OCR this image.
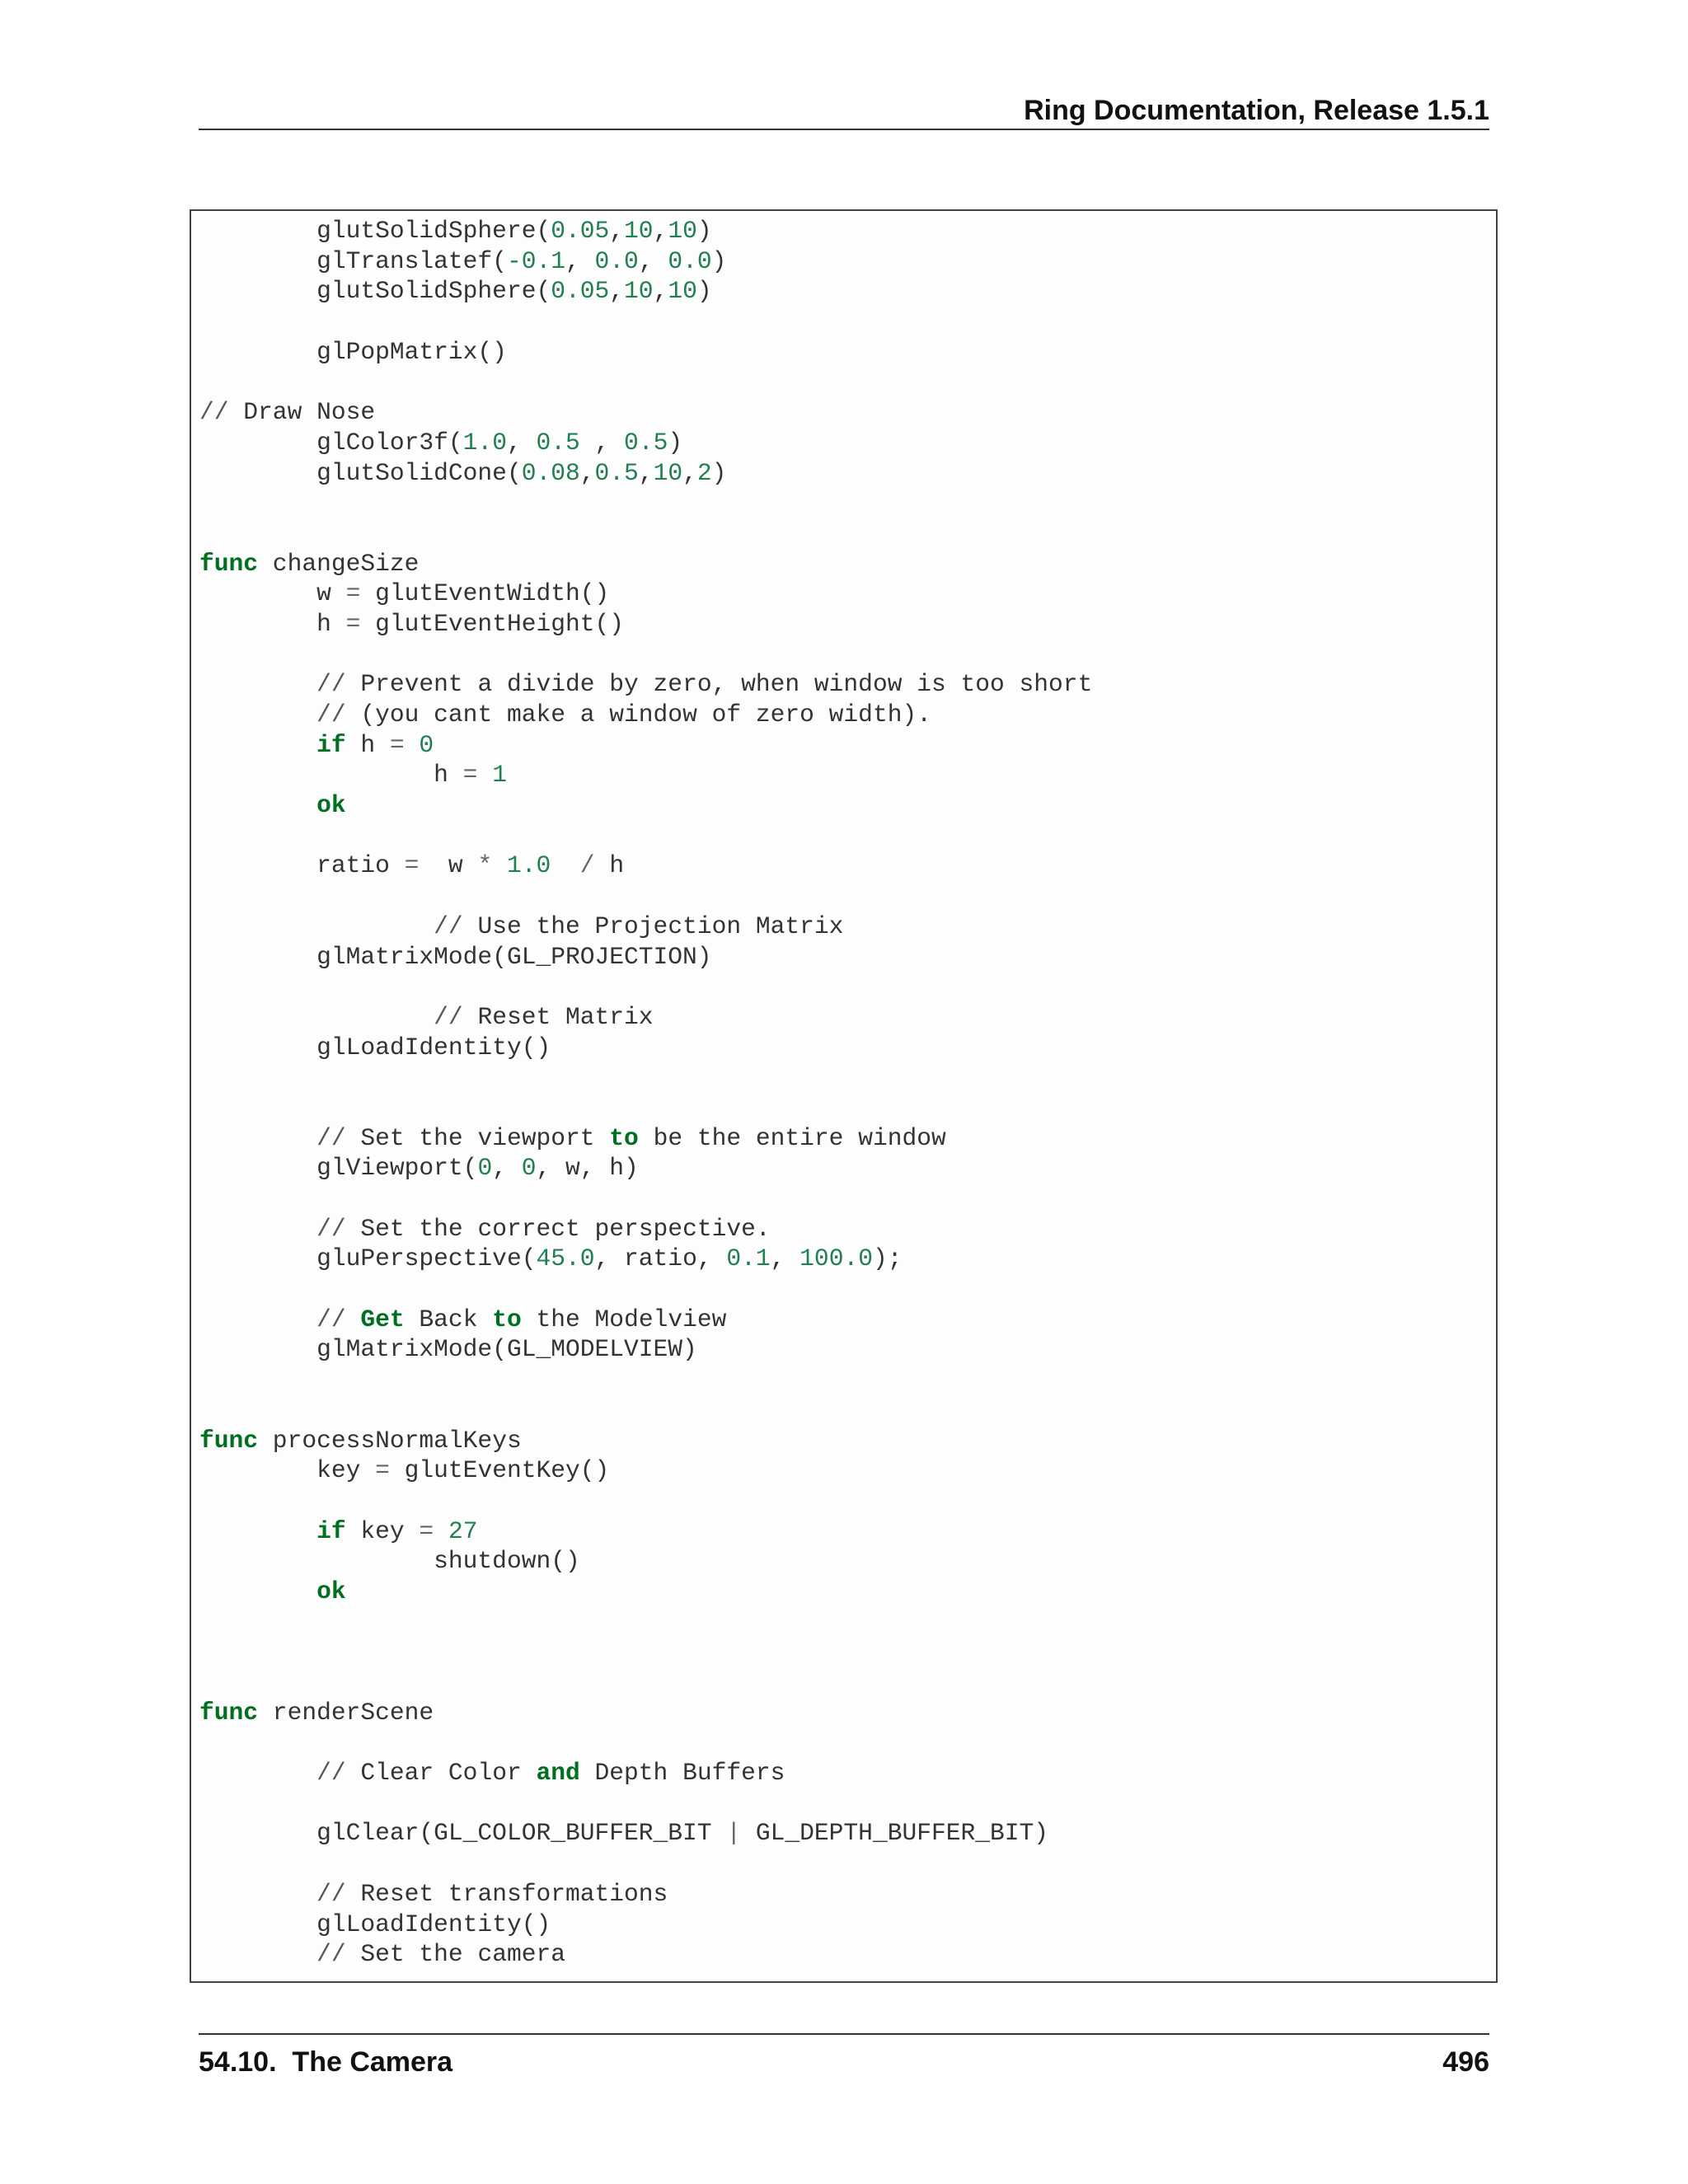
Ring Documentation, Release 1.5.1
glutSolidSphere(0.05,10,10)
glTranslatef(-0.1, 0.0, 0.0)
glutSolidSphere(0.05,10,10)
glPopMatrix()
// Draw Nose
glColor3f(1.0, 0.5 , 0.5)
glutSolidCone(0.08,0.5,10,2)
func changeSize
w = glutEventWidth()
h = glutEventHeight()
// Prevent a divide by zero, when window is too short
// (you cant make a window of zero width).
if h = 0
h = 1
ok
ratio =  w * 1.0 / h
// Use the Projection Matrix
glMatrixMode(GL_PROJECTION)
// Reset Matrix
glLoadIdentity()
// Set the viewport to be the entire window
glViewport(0, 0, w, h)
// Set the correct perspective.
gluPerspective(45.0, ratio, 0.1, 100.0);
// Get Back to the Modelview
glMatrixMode(GL_MODELVIEW)
func processNormalKeys
key = glutEventKey()
if key = 27
shutdown()
ok
func renderScene
// Clear Color and Depth Buffers
glClear(GL_COLOR_BUFFER_BIT | GL_DEPTH_BUFFER_BIT)
// Reset transformations
glLoadIdentity()
// Set the camera
54.10.  The Camera	496
